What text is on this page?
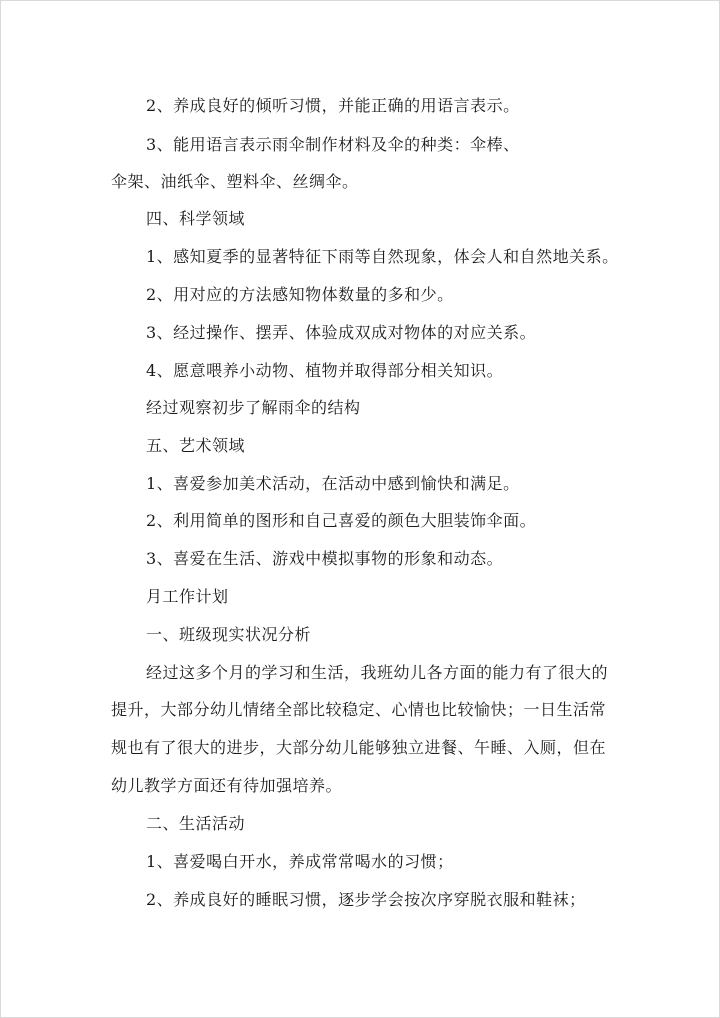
2、养成良好的倾听习惯，并能正确的用语言表示。
3、能用语言表示雨伞制作材料及伞的种类：伞棒、
伞架、油纸伞、塑料伞、丝绸伞。
四、科学领域
1、感知夏季的显著特征下雨等自然现象，体会人和自然地关系。
2、用对应的方法感知物体数量的多和少。
3、经过操作、摆弄、体验成双成对物体的对应关系。
4、愿意喂养小动物、植物并取得部分相关知识。
经过观察初步了解雨伞的结构
五、艺术领域
1、喜爱参加美术活动，在活动中感到愉快和满足。
2、利用简单的图形和自己喜爱的颜色大胆装饰伞面。
3、喜爱在生活、游戏中模拟事物的形象和动态。
月工作计划
一、班级现实状况分析
经过这多个月的学习和生活，我班幼儿各方面的能力有了很大的
提升，大部分幼儿情绪全部比较稳定、心情也比较愉快；一日生活常
规也有了很大的进步，大部分幼儿能够独立进餐、午睡、入厕，但在
幼儿教学方面还有待加强培养。
二、生活活动
1、喜爱喝白开水，养成常常喝水的习惯；
2、养成良好的睡眠习惯，逐步学会按次序穿脱衣服和鞋袜；
